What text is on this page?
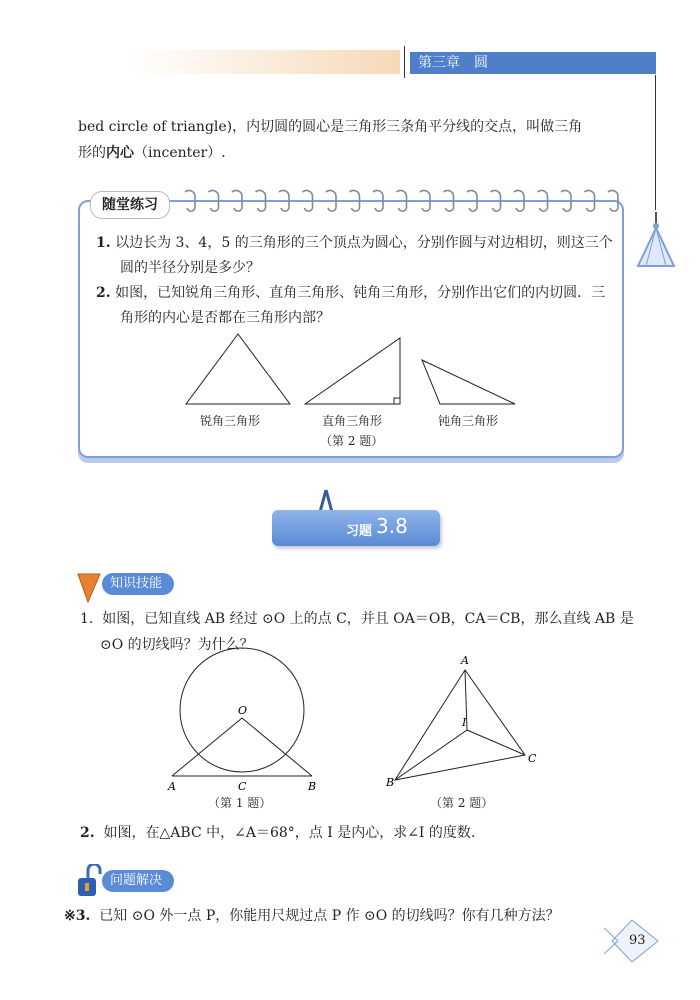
第三章　圆
bed circle of triangle)，内切圆的圆心是三角形三条角平分线的交点，叫做三角
形的内心（incenter）.
随堂练习
1. 以边长为 3、4，5 的三角形的三个顶点为圆心，分别作圆与对边相切，则这三个
圆的半径分别是多少？
2. 如图，已知锐角三角形、直角三角形、钝角三角形，分别作出它们的内切圆．三
角形的内心是否都在三角形内部？
锐角三角形	直角三角形	钝角三角形
（第 2 题）
习题 3.8
知识技能
1. 如图，已知直线 AB 经过 ⊙O 上的点 C，并且 OA＝OB，CA＝CB，那么直线 AB 是
⊙O 的切线吗？为什么？
O
A	C	B
A
I
B
C
（第 1 题）	（第 2 题）
2. 如图，在△ABC 中，∠A＝68°，点 I 是内心，求∠I 的度数.
问题解决
※3. 已知 ⊙O 外一点 P，你能用尺规过点 P 作 ⊙O 的切线吗？你有几种方法？
93
